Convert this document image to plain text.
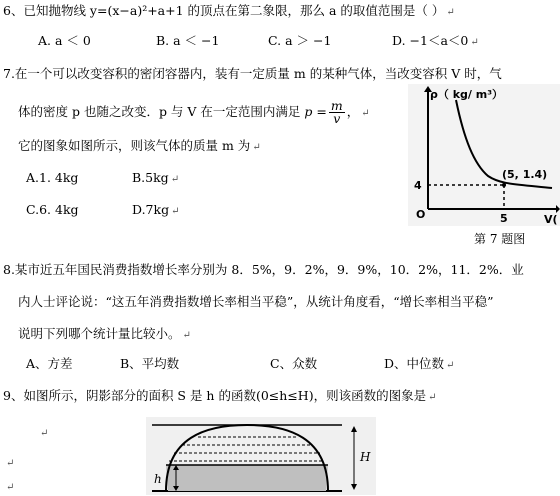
6、已知抛物线 y=(x−a)²+a+1 的顶点在第二象限，那么 a 的取值范围是（ ） ↵
A. a ＜ 0	B. a ＜ −1	C. a ＞ −1	D. −1＜a＜0 ↵
7.在一个可以改变容积的密闭容器内，装有一定质量 m 的某种气体，当改变容积 V 时，气
体的密度 p 也随之改变．p 与 V 在一定范围内满足 $p = \frac{m}{v}$ ， ↵
它的图象如图所示，则该气体的质量 m 为 ↵
A.1. 4kg	B.5kg ↵
C.6. 4kg	D.7kg ↵
ρ（ kg/ m³）
V(
O	5
4
(5, 1.4)
第 7 题图
8.某市近五年国民消费指数增长率分别为 8．5%，9．2%，9．9%，10．2%，11．2%．业
内人士评论说：“这五年消费指数增长率相当平稳”，从统计角度看，“增长率相当平稳”
说明下列哪个统计量比较小。 ↵
A、方差	B、平均数	C、众数	D、中位数 ↵
9、如图所示，阴影部分的面积 S 是 h 的函数(0≤h≤H)，则该函数的图象是 ↵
↵
↵
↵
h
H
